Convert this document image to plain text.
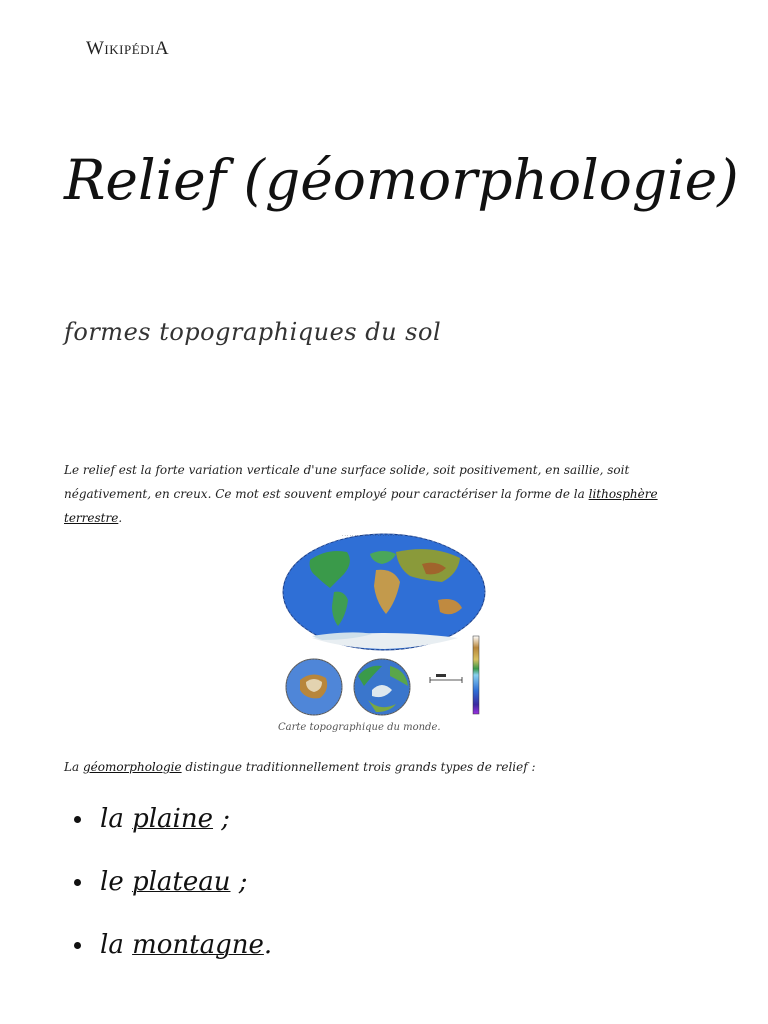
WikipédiA
Relief (géomorphologie)
formes topographiques du sol

Le relief est la forte variation verticale d'une surface solide, soit positivement, en saillie, soit négativement, en creux. Ce mot est souvent employé pour caractériser la forme de la lithosphère terrestre.

· · · · · · · · · · · · · · · · · · · · · · · ·
Carte topographique du monde.

La géomorphologie distingue traditionnellement trois grands types de relief :

la plaine ;
le plateau ;
la montagne.
